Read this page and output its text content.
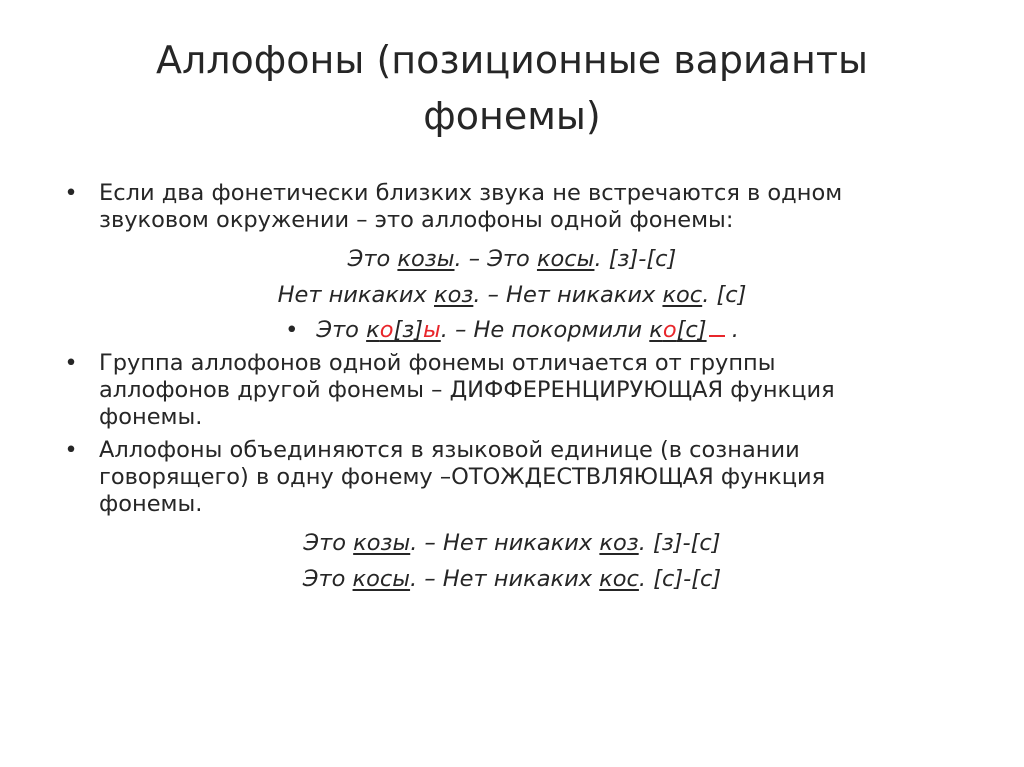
Аллофоны (позиционные варианты
фонемы)
• Если два фонетически близких звука не встречаются в одном
звуковом окружении – это аллофоны одной фонемы:
Это козы. – Это косы. [з]-[с]
Нет никаких коз. – Нет никаких кос. [с]
• Это ко[з]ы. – Не покормили ко[с] .
• Группа аллофонов одной фонемы отличается от группы
аллофонов другой фонемы – ДИФФЕРЕНЦИРУЮЩАЯ функция
фонемы.
• Аллофоны объединяются в языковой единице (в сознании
говорящего) в одну фонему –ОТОЖДЕСТВЛЯЮЩАЯ функция
фонемы.
Это козы. – Нет никаких коз. [з]-[с]
Это косы. – Нет никаких кос. [с]-[с]
